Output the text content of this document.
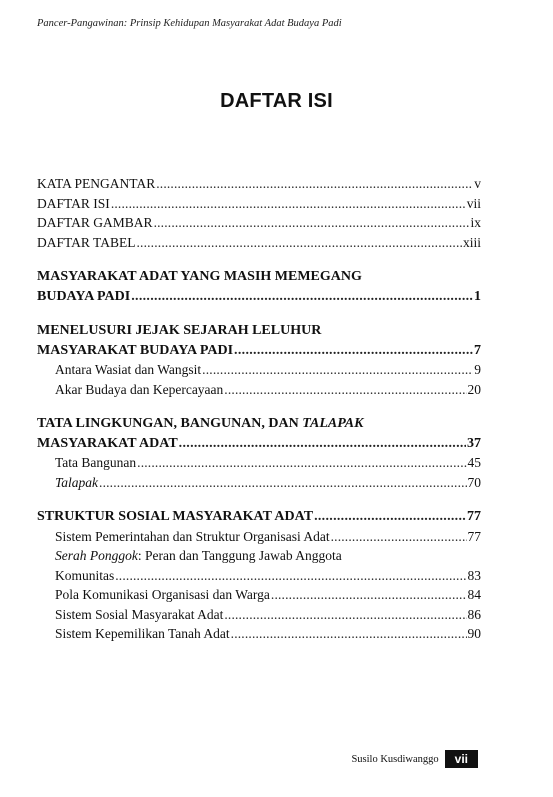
Pancer-Pangawinan: Prinsip Kehidupan Masyarakat Adat Budaya Padi
DAFTAR ISI
KATA PENGANTAR . . .	v
DAFTAR ISI . . .	vii
DAFTAR GAMBAR . . .	ix
DAFTAR TABEL . . .	xiii
MASYARAKAT ADAT YANG MASIH MEMEGANG
BUDAYA PADI . . .	1
MENELUSURI JEJAK SEJARAH LELUHUR
MASYARAKAT BUDAYA PADI . . .	7
Antara Wasiat dan Wangsit . . .	9
Akar Budaya dan Kepercayaan . . .	20
TATA LINGKUNGAN, BANGUNAN, DAN TALAPAK
MASYARAKAT ADAT . . .	37
Tata Bangunan . . .	45
Talapak . . .	70
STRUKTUR SOSIAL MASYARAKAT ADAT . . .	77
Sistem Pemerintahan dan Struktur Organisasi Adat . . .	77
Serah Ponggok: Peran dan Tanggung Jawab Anggota
Komunitas . . .	83
Pola Komunikasi Organisasi dan Warga . . .	84
Sistem Sosial Masyarakat Adat . . .	86
Sistem Kepemilikan Tanah Adat . . .	90
Susilo Kusdiwanggo	vii
